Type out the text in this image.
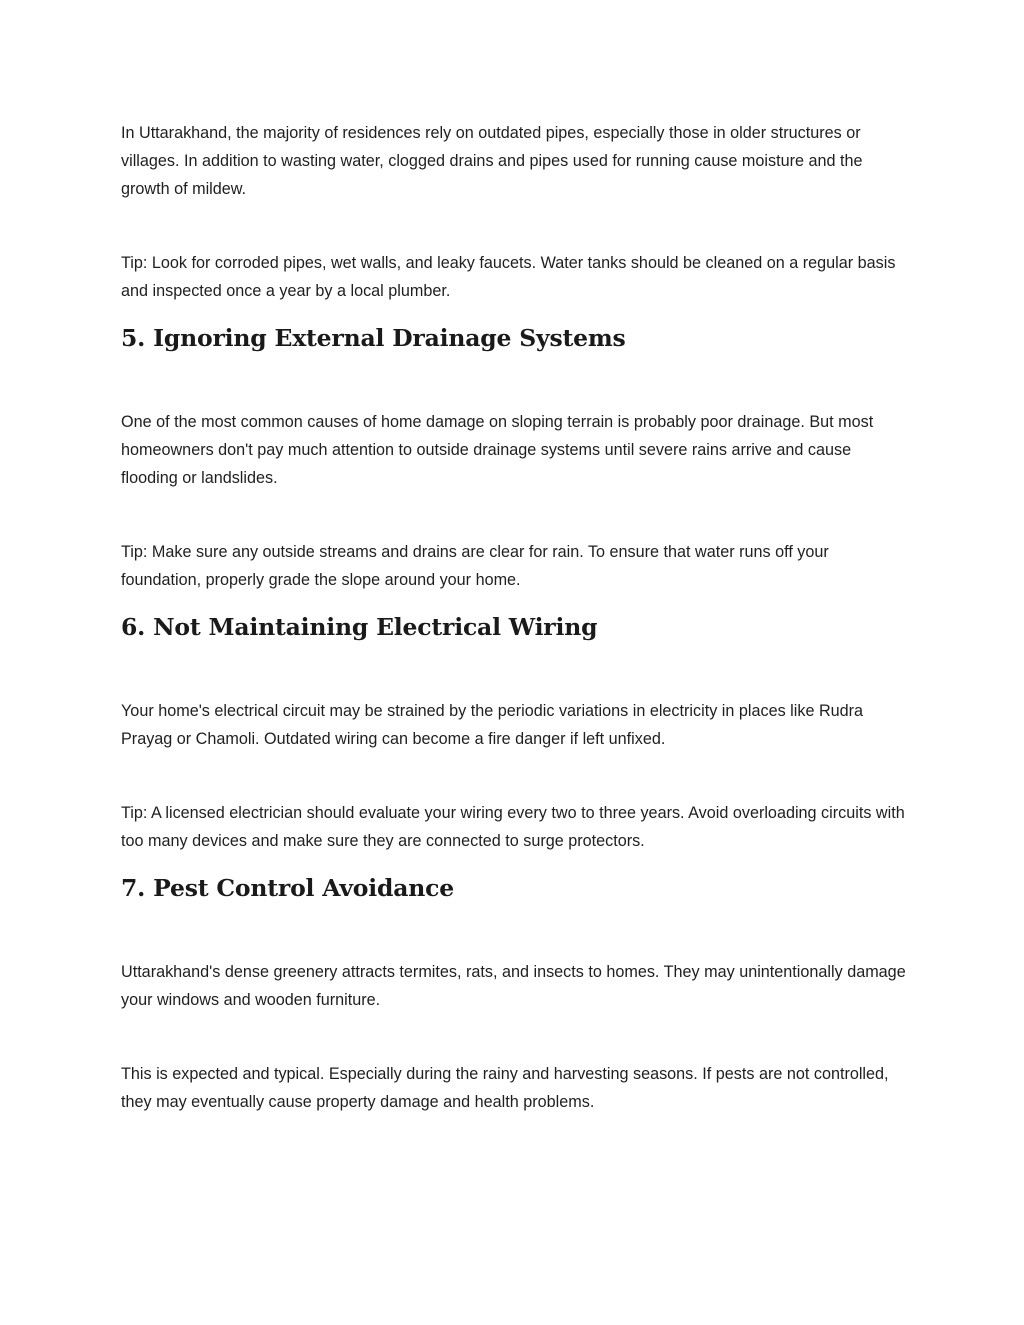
In Uttarakhand, the majority of residences rely on outdated pipes, especially those in older structures or villages. In addition to wasting water, clogged drains and pipes used for running cause moisture and the growth of mildew.

Tip: Look for corroded pipes, wet walls, and leaky faucets. Water tanks should be cleaned on a regular basis and inspected once a year by a local plumber.

5. Ignoring External Drainage Systems

One of the most common causes of home damage on sloping terrain is probably poor drainage. But most homeowners don't pay much attention to outside drainage systems until severe rains arrive and cause flooding or landslides.

Tip: Make sure any outside streams and drains are clear for rain. To ensure that water runs off your foundation, properly grade the slope around your home.

6. Not Maintaining Electrical Wiring

Your home's electrical circuit may be strained by the periodic variations in electricity in places like Rudra Prayag or Chamoli. Outdated wiring can become a fire danger if left unfixed.

Tip: A licensed electrician should evaluate your wiring every two to three years. Avoid overloading circuits with too many devices and make sure they are connected to surge protectors.

7. Pest Control Avoidance

Uttarakhand's dense greenery attracts termites, rats, and insects to homes. They may unintentionally damage your windows and wooden furniture.

This is expected and typical. Especially during the rainy and harvesting seasons. If pests are not controlled, they may eventually cause property damage and health problems.
